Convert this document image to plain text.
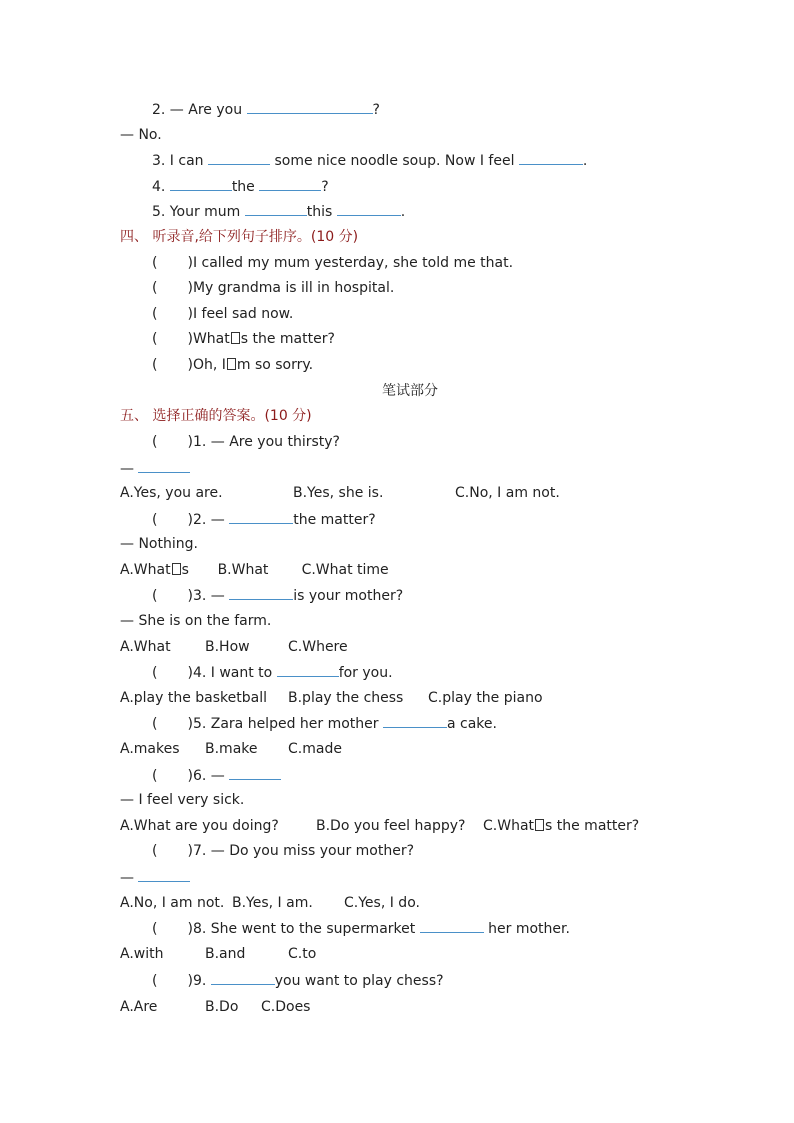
2. — Are you	?
— No.
3. I can	some nice noodle soup. Now I feel	.
4.	the	?
5. Your mum	this	.
四、 听录音,给下列句子排序。(10 分)
( )I called my mum yesterday, she told me that.
( )My grandma is ill in hospital.
( )I feel sad now.
( )What s the matter?
( )Oh, I m so sorry.
笔试部分
五、 选择正确的答案。(10 分)
( )1. — Are you thirsty?
—
A.Yes, you are.	B.Yes, she is.	C.No, I am not.
( )2. —	the matter?
— Nothing.
A.What s B.What C.What time
( )3. —	is your mother?
— She is on the farm.
A.What B.How	C.Where
( )4. I want to	for you.
A.play the basketball B.play the chess C.play the piano
( )5. Zara helped her mother	a cake.
A.makes B.make C.made
( )6. —
— I feel very sick.
A.What are you doing?	B.Do you feel happy? C.What s the matter?
( )7. — Do you miss your mother?
—
A.No, I am not. B.Yes, I am. C.Yes, I do.
( )8. She went to the supermarket	her mother.
A.with	B.and	C.to
( )9.	you want to play chess?
A.Are	B.Do C.Does
